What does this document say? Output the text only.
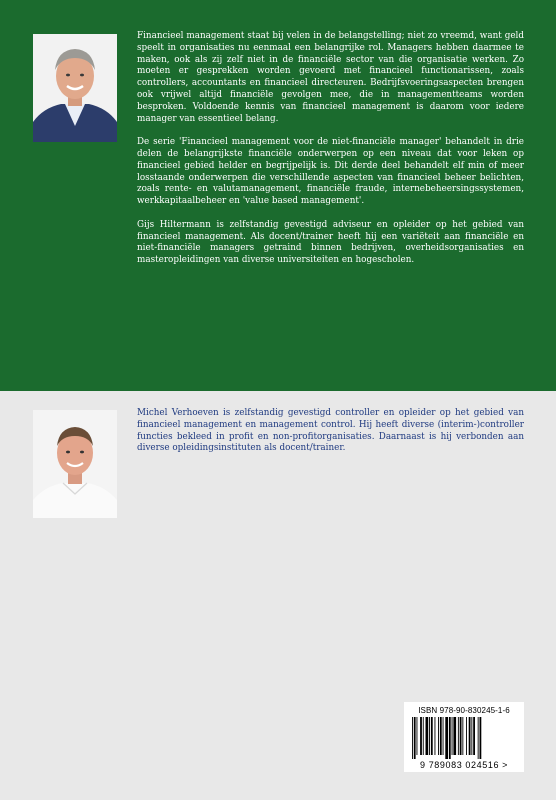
Financieel management staat bij velen in de belangstelling; niet zo vreemd, want geld speelt in organisaties nu eenmaal een belangrijke rol. Managers hebben daarmee te maken, ook als zij zelf niet in de financiële sector van die organisatie werken. Zo moeten er gesprekken worden gevoerd met financieel functionarissen, zoals controllers, accountants en financieel directeuren. Bedrijfsvoeringsaspecten brengen ook vrijwel altijd financiële gevolgen mee, die in managementteams worden besproken. Voldoende kennis van financieel management is daarom voor iedere manager van essentieel belang.

De serie 'Financieel management voor de niet-financiële manager' behandelt in drie delen de belangrijkste financiële onderwerpen op een niveau dat voor leken op financieel gebied helder en begrijpelijk is. Dit derde deel behandelt elf min of meer losstaande onderwerpen die verschillende aspecten van financieel beheer belichten, zoals rente- en valutamanagement, financiële fraude, internebeheersingssystemen, werkkapitaalbeheer en 'value based management'.

Gijs Hiltermann is zelfstandig gevestigd adviseur en opleider op het gebied van financieel management. Als docent/trainer heeft hij een variëteit aan financiële en niet-financiële managers getraind binnen bedrijven, overheidsorganisaties en masteropleidingen van diverse universiteiten en hogescholen.

Michel Verhoeven is zelfstandig gevestigd controller en opleider op het gebied van financieel management en management control. Hij heeft diverse (interim-)controller functies bekleed in profit en non-profitorganisaties. Daarnaast is hij verbonden aan diverse opleidingsinstituten als docent/trainer.

ISBN 978-90-830245-1-6
9 789083 024516 >
